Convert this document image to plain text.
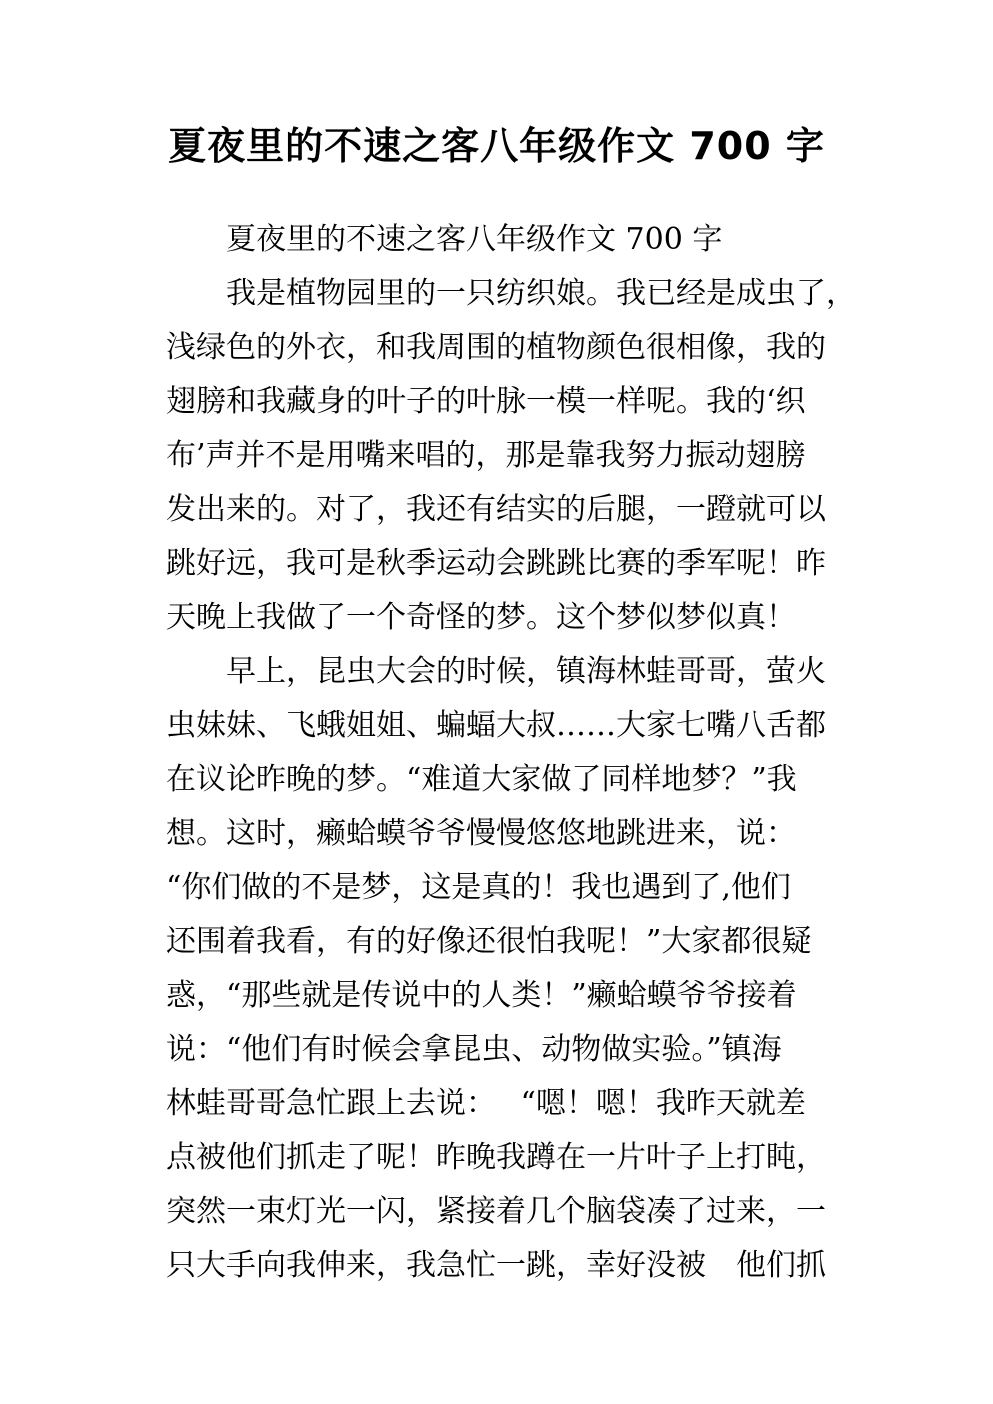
夏夜里的不速之客八年级作文 700 字
夏夜里的不速之客八年级作文 700 字
我是植物园里的一只纺织娘。我已经是成虫了，
浅绿色的外衣，和我周围的植物颜色很相像，我的
翅膀和我藏身的叶子的叶脉一模一样呢。我的‘织
布’声并不是用嘴来唱的，那是靠我努力振动翅膀
发出来的。对了，我还有结实的后腿，一蹬就可以
跳好远，我可是秋季运动会跳跳比赛的季军呢！昨
天晚上我做了一个奇怪的梦。这个梦似梦似真！
早上，昆虫大会的时候，镇海林蛙哥哥，萤火
虫妹妹、飞蛾姐姐、蝙蝠大叔……大家七嘴八舌都
在议论昨晚的梦。“难道大家做了同样地梦？”我
想。这时，癞蛤蟆爷爷慢慢悠悠地跳进来，说：
“你们做的不是梦，这是真的！我也遇到了,他们
还围着我看，有的好像还很怕我呢！”大家都很疑
惑，“那些就是传说中的人类！”癞蛤蟆爷爷接着
说：“他们有时候会拿昆虫、动物做实验。”镇海
林蛙哥哥急忙跟上去说：　 “嗯！嗯！我昨天就差
点被他们抓走了呢！昨晚我蹲在一片叶子上打盹，
突然一束灯光一闪，紧接着几个脑袋凑了过来，一
只大手向我伸来，我急忙一跳，幸好没被　他们抓
